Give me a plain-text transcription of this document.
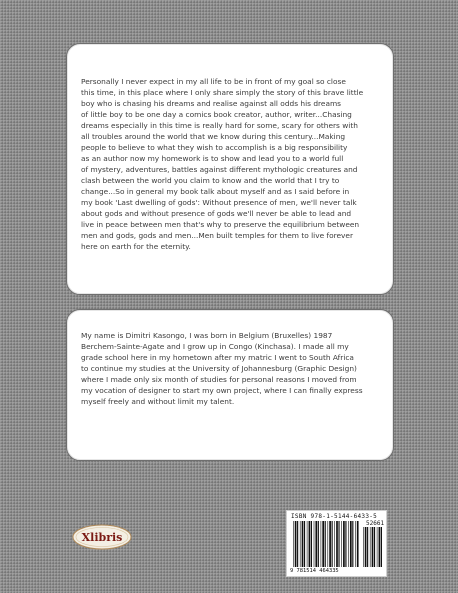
Personally I never expect in my all life to be in front of my goal so close
this time, in this place where I only share simply the story of this brave little
boy who is chasing his dreams and realise against all odds his dreams
of little boy to be one day a comics book creator, author, writer...Chasing
dreams especially in this time is really hard for some, scary for others with
all troubles around the world that we know during this century...Making
people to believe to what they wish to accomplish is a big responsibility
as an author now my homework is to show and lead you to a world full
of mystery, adventures, battles against different mythologic creatures and
clash between the world you claim to know and the world that I try to
change...So in general my book talk about myself and as I said before in
my book 'Last dwelling of gods': Without presence of men, we'll never talk
about gods and without presence of gods we'll never be able to lead and
live in peace between men that's why to preserve the equilibrium between
men and gods, gods and men...Men built temples for them to live forever
here on earth for the eternity.

My name is Dimitri Kasongo, I was born in Belgium (Bruxelles) 1987
Berchem-Sainte-Agate and I grow up in Congo (Kinchasa). I made all my
grade school here in my hometown after my matric I went to South Africa
to continue my studies at the University of Johannesburg (Graphic Design)
where I made only six month of studies for personal reasons I moved from
my vocation of designer to start my own project, where I can finally express
myself freely and without limit my talent.

Xlibris
ISBN 978-1-5144-6433-5
52661
9 781514 464335
